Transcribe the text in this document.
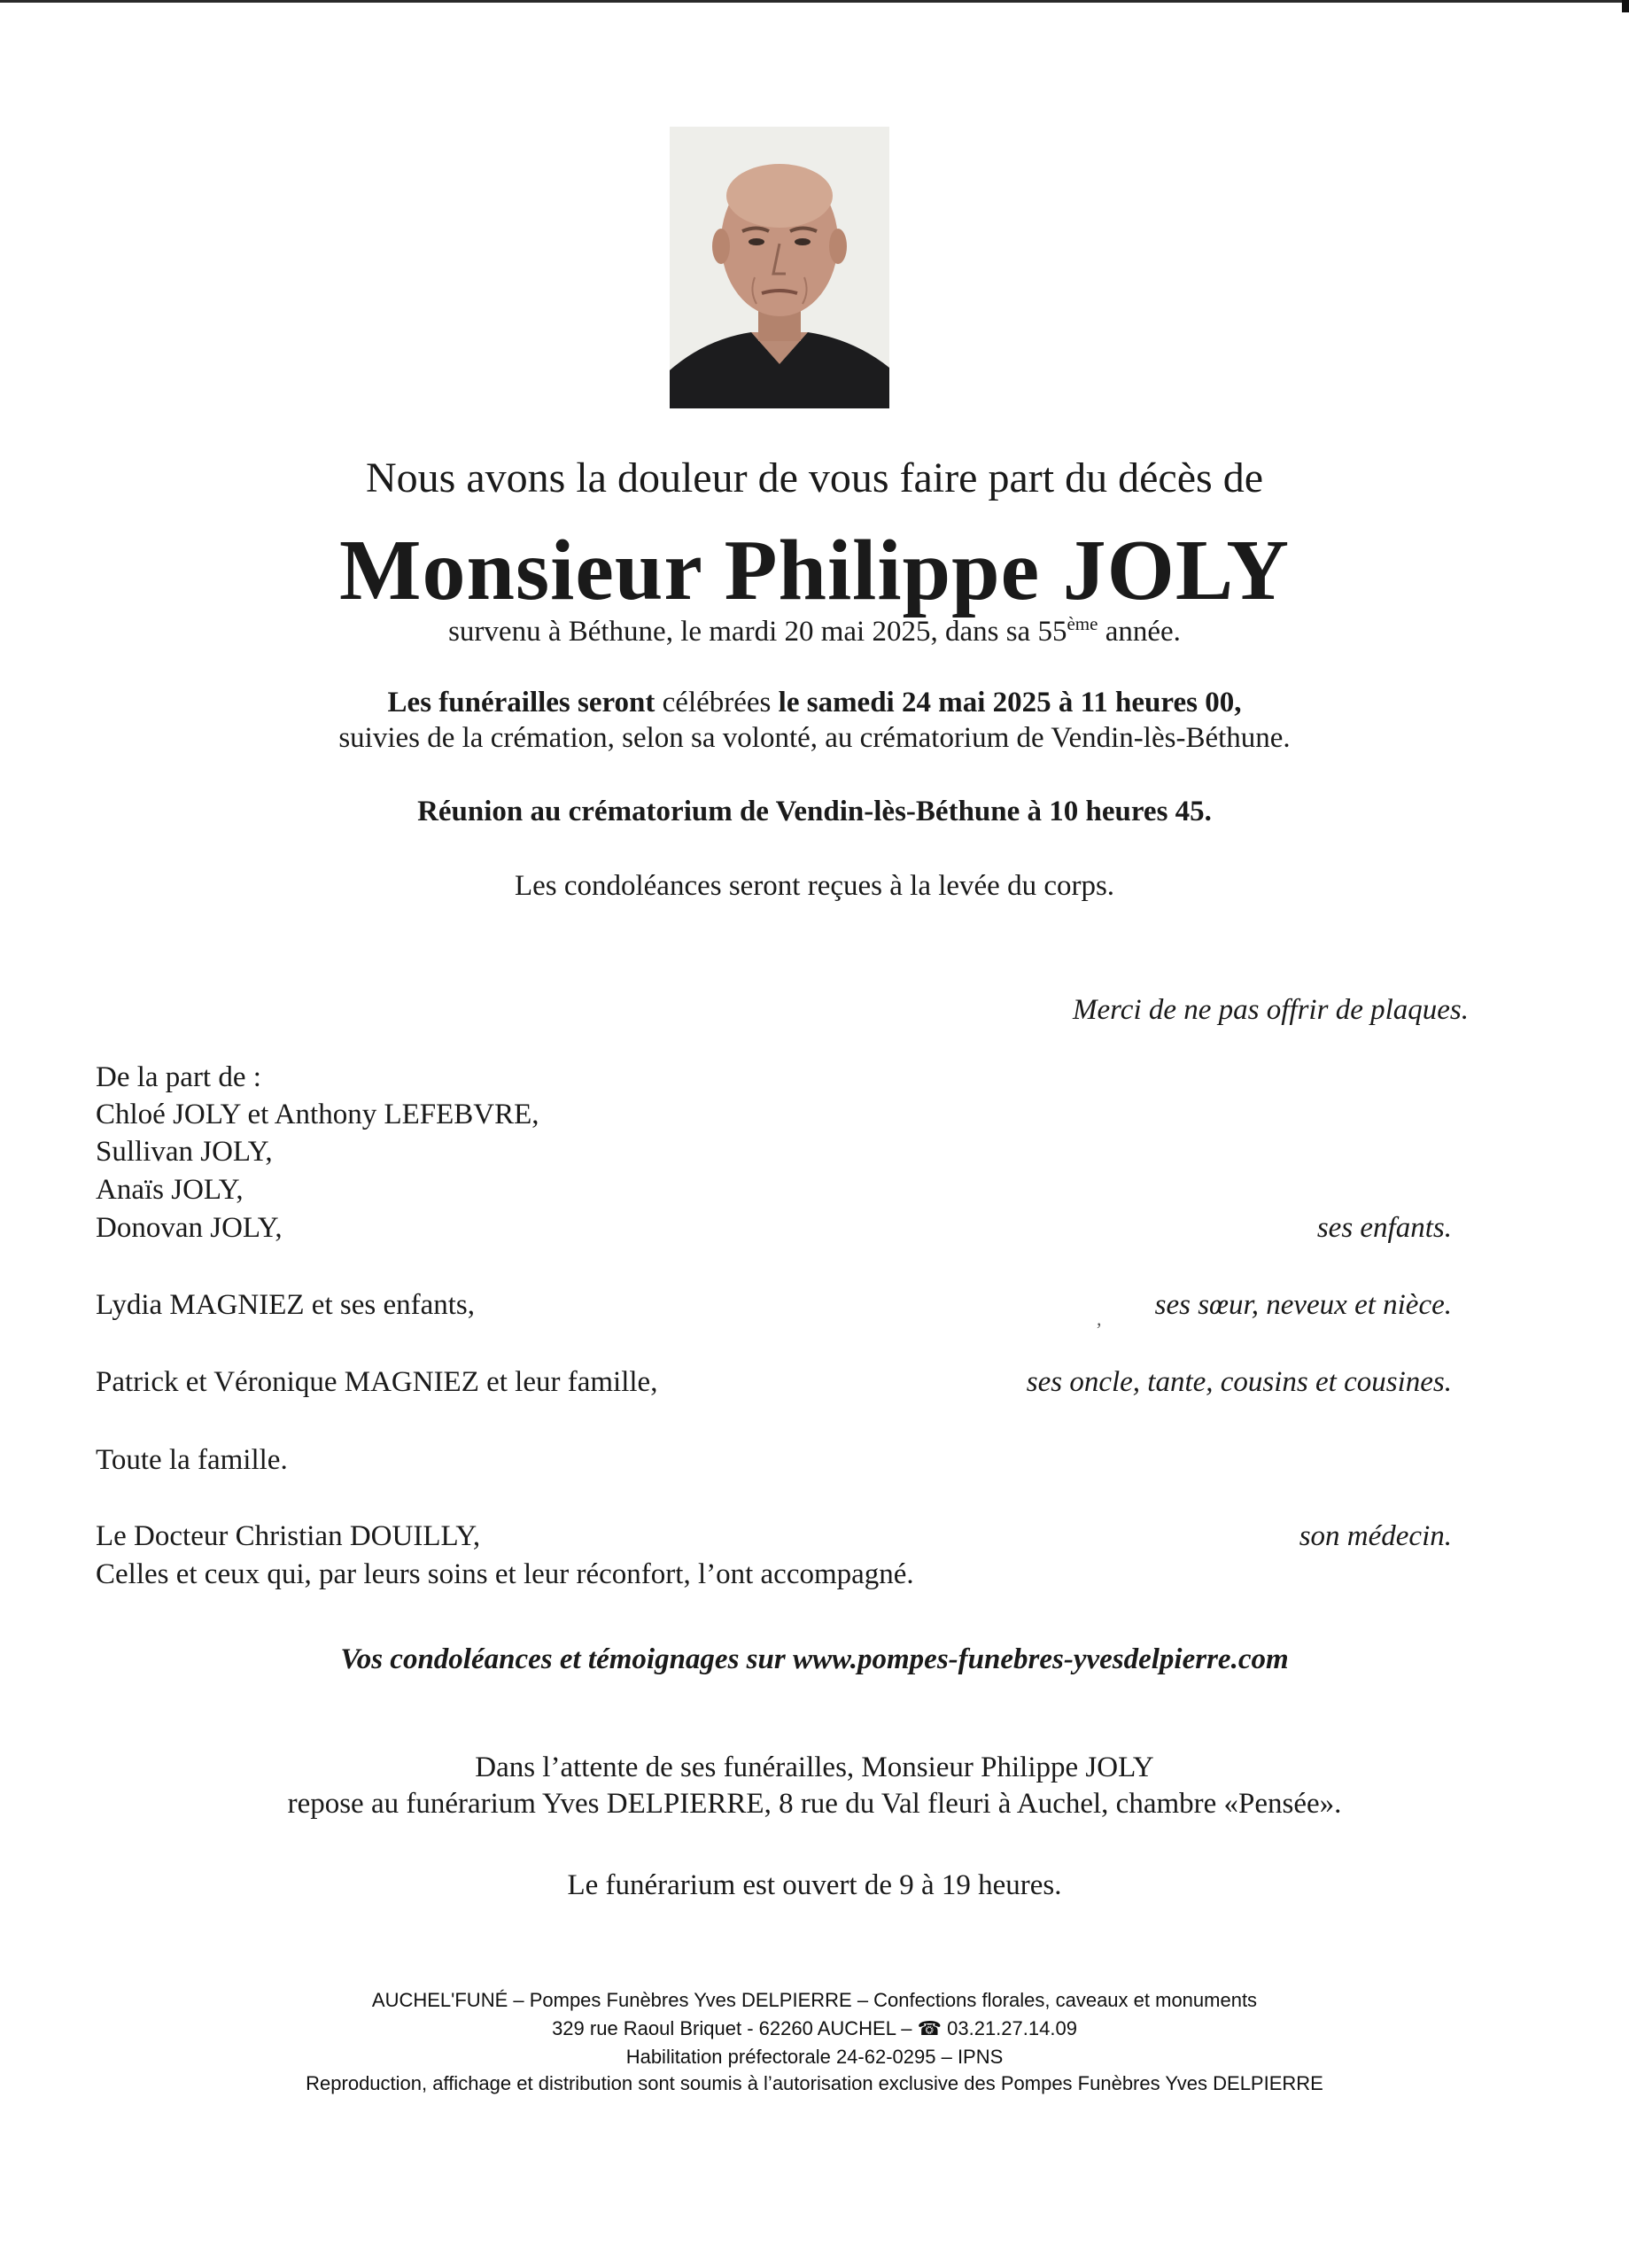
Nous avons la douleur de vous faire part du décès de
Monsieur Philippe JOLY
survenu à Béthune, le mardi 20 mai 2025, dans sa 55ème année.
Les funérailles seront célébrées le samedi 24 mai 2025 à 11 heures 00,
suivies de la crémation, selon sa volonté, au crématorium de Vendin-lès-Béthune.
Réunion au crématorium de Vendin-lès-Béthune à 10 heures 45.
Les condoléances seront reçues à la levée du corps.
Merci de ne pas offrir de plaques.
De la part de :
Chloé JOLY et Anthony LEFEBVRE,
Sullivan JOLY,
Anaïs JOLY,
Donovan JOLY,	ses enfants.
Lydia MAGNIEZ et ses enfants,	, ses sœur, neveux et nièce.
Patrick et Véronique MAGNIEZ et leur famille,	ses oncle, tante, cousins et cousines.
Toute la famille.
Le Docteur Christian DOUILLY,	son médecin.
Celles et ceux qui, par leurs soins et leur réconfort, l’ont accompagné.
Vos condoléances et témoignages sur www.pompes-funebres-yvesdelpierre.com
Dans l’attente de ses funérailles, Monsieur Philippe JOLY
repose au funérarium Yves DELPIERRE, 8 rue du Val fleuri à Auchel, chambre «Pensée».
Le funérarium est ouvert de 9 à 19 heures.
AUCHEL'FUNÉ – Pompes Funèbres Yves DELPIERRE – Confections florales, caveaux et monuments
329 rue Raoul Briquet - 62260 AUCHEL – ☎ 03.21.27.14.09
Habilitation préfectorale 24-62-0295 – IPNS
Reproduction, affichage et distribution sont soumis à l’autorisation exclusive des Pompes Funèbres Yves DELPIERRE
